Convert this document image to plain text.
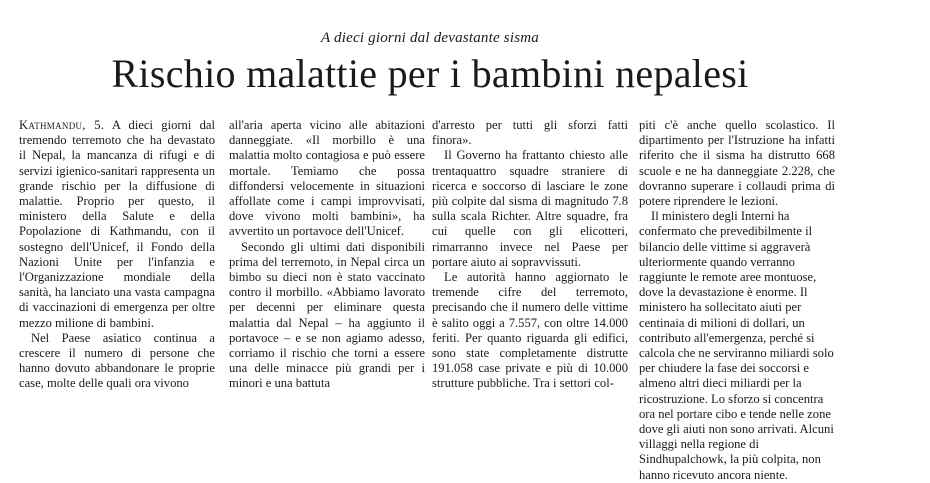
A dieci giorni dal devastante sisma
Rischio malattie per i bambini nepalesi

Kathmandu, 5. A dieci giorni dal tremendo terremoto che ha devastato il Nepal, la mancanza di rifugi e di servizi igienico-sanitari rappresenta un grande rischio per la diffusione di malattie. Proprio per questo, il ministero della Salute e della Popolazione di Kathmandu, con il sostegno dell'Unicef, il Fondo della Nazioni Unite per l'infanzia e l'Organizzazione mondiale della sanità, ha lanciato una vasta campagna di vaccinazioni di emergenza per oltre mezzo milione di bambini.

Nel Paese asiatico continua a crescere il numero di persone che hanno dovuto abbandonare le proprie case, molte delle quali ora vivono

all'aria aperta vicino alle abitazioni danneggiate. «Il morbillo è una malattia molto contagiosa e può essere mortale. Temiamo che possa diffondersi velocemente in situazioni affollate come i campi improvvisati, dove vivono molti bambini», ha avvertito un portavoce dell'Unicef.

Secondo gli ultimi dati disponibili prima del terremoto, in Nepal circa un bimbo su dieci non è stato vaccinato contro il morbillo. «Abbiamo lavorato per decenni per eliminare questa malattia dal Nepal – ha aggiunto il portavoce – e se non agiamo adesso, corriamo il rischio che torni a essere una delle minacce più grandi per i minori e una battuta

d'arresto per tutti gli sforzi fatti finora».

Il Governo ha frattanto chiesto alle trentaquattro squadre straniere di ricerca e soccorso di lasciare le zone più colpite dal sisma di magnitudo 7.8 sulla scala Richter. Altre squadre, fra cui quelle con gli elicotteri, rimarranno invece nel Paese per portare aiuto ai sopravvissuti.

Le autorità hanno aggiornato le tremende cifre del terremoto, precisando che il numero delle vittime è salito oggi a 7.557, con oltre 14.000 feriti. Per quanto riguarda gli edifici, sono state completamente distrutte 191.058 case private e più di 10.000 strutture pubbliche. Tra i settori col-

piti c'è anche quello scolastico. Il dipartimento per l'Istruzione ha infatti riferito che il sisma ha distrutto 668 scuole e ne ha danneggiate 2.228, che dovranno superare i collaudi prima di potere riprendere le lezioni.

Il ministero degli Interni ha confermato che prevedibilmente il bilancio delle vittime si aggraverà ulteriormente quando verranno raggiunte le remote aree montuose, dove la devastazione è enorme. Il ministero ha sollecitato aiuti per centinaia di milioni di dollari, un contributo all'emergenza, perché si calcola che ne serviranno miliardi solo per chiudere la fase dei soccorsi e almeno altri dieci miliardi per la ricostruzione. Lo sforzo si concentra ora nel portare cibo e tende nelle zone dove gli aiuti non sono arrivati. Alcuni villaggi nella regione di Sindhupalchowk, la più colpita, non hanno ricevuto ancora niente.
